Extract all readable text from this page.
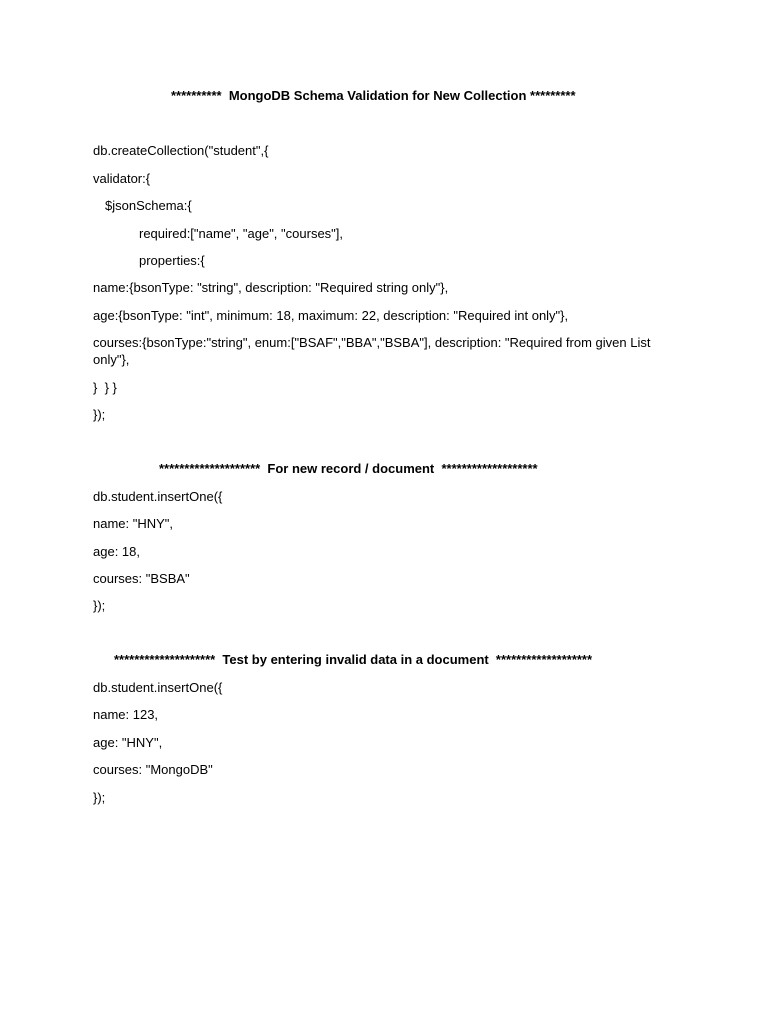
**********  MongoDB Schema Validation for New Collection *********
db.createCollection("student",{
validator:{
$jsonSchema:{
required:["name", "age", "courses"],
properties:{
name:{bsonType: "string", description: "Required string only"},
age:{bsonType: "int", minimum: 18, maximum: 22, description: "Required int only"},
courses:{bsonType:"string", enum:["BSAF","BBA","BSBA"], description: "Required from given List only"},
}  } }
});
********************  For new record / document  *******************
db.student.insertOne({
name: "HNY",
age: 18,
courses: "BSBA"
});
********************  Test by entering invalid data in a document  *******************
db.student.insertOne({
name: 123,
age: "HNY",
courses: "MongoDB"
});
